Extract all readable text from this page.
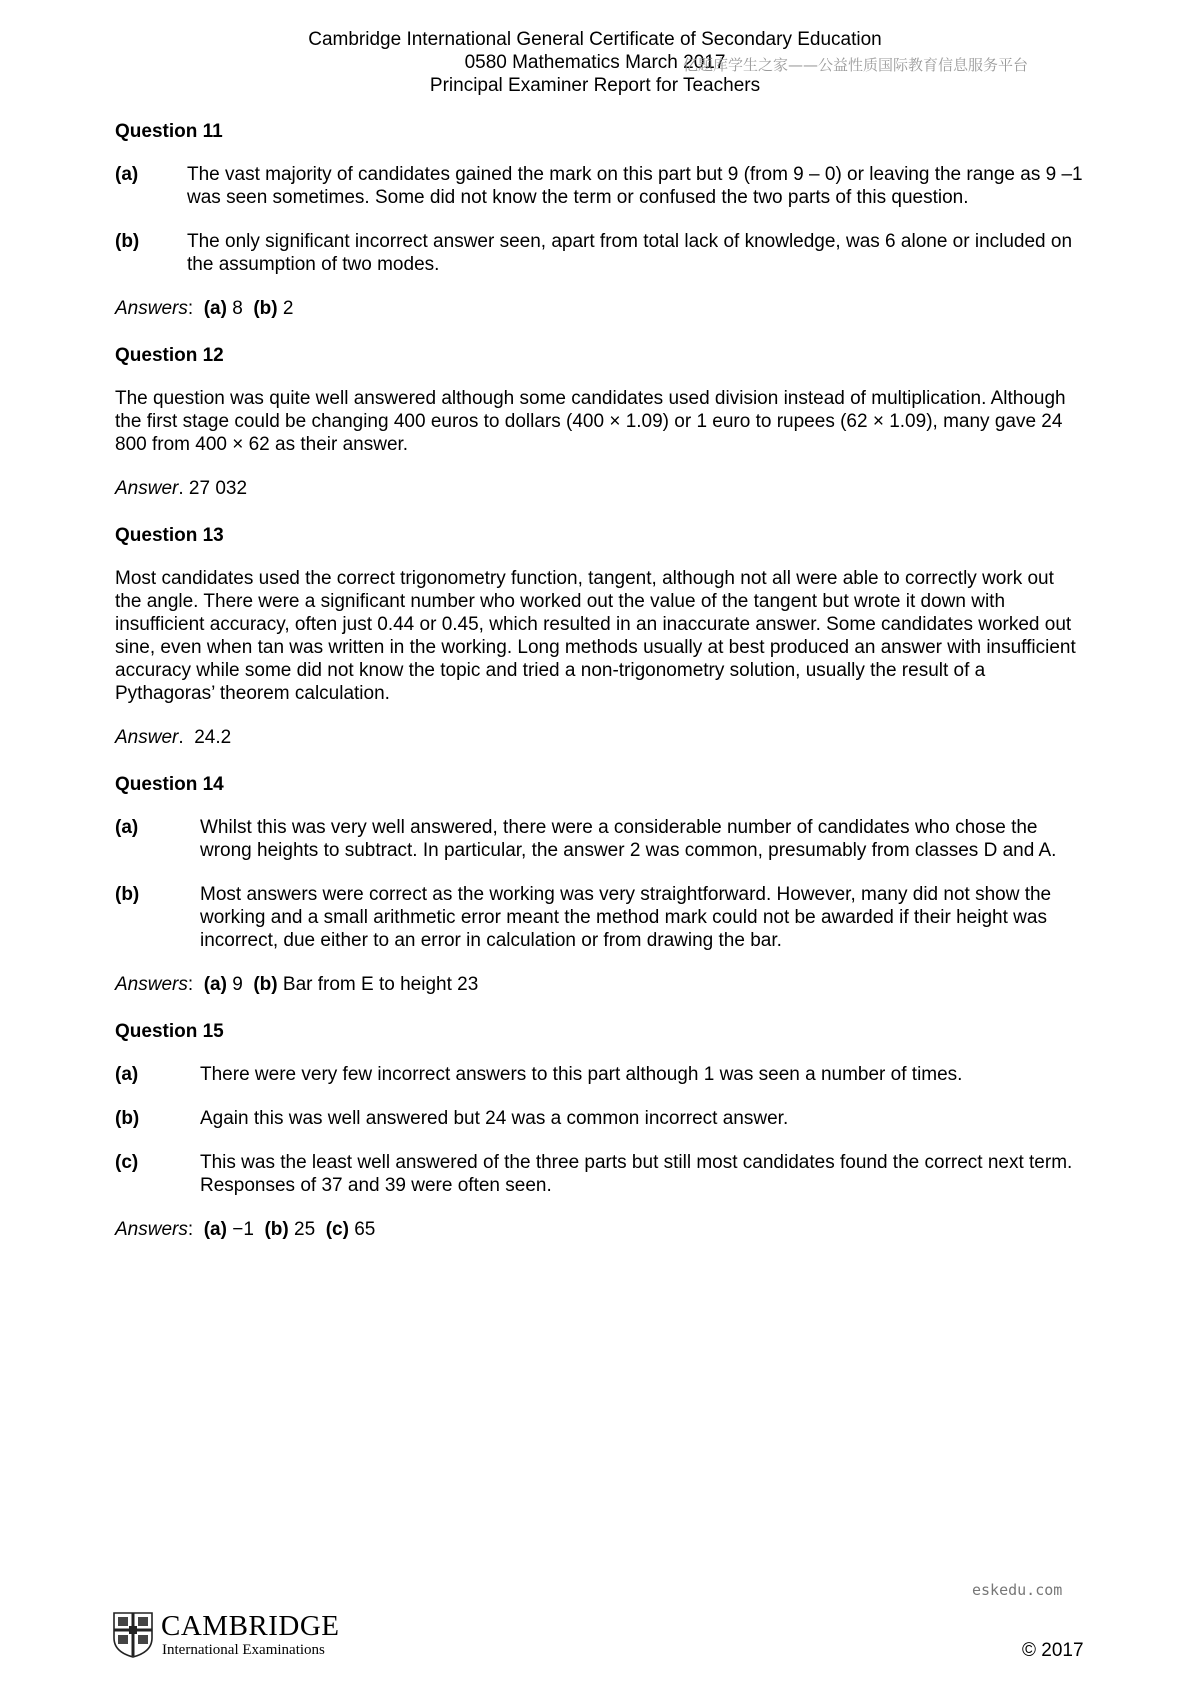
Cambridge International General Certificate of Secondary Education
0580 Mathematics March 2017
Principal Examiner Report for Teachers
亿题库学生之家——公益性质国际教育信息服务平台
Question 11
(a)	The vast majority of candidates gained the mark on this part but 9 (from 9 – 0) or leaving the range as 9 –1 was seen sometimes. Some did not know the term or confused the two parts of this question.
(b)	The only significant incorrect answer seen, apart from total lack of knowledge, was 6 alone or included on the assumption of two modes.
Answers:  (a) 8 (b) 2
Question 12
The question was quite well answered although some candidates used division instead of multiplication. Although the first stage could be changing 400 euros to dollars (400 × 1.09) or 1 euro to rupees (62 × 1.09), many gave 24 800 from 400 × 62 as their answer.
Answer. 27 032
Question 13
Most candidates used the correct trigonometry function, tangent, although not all were able to correctly work out the angle. There were a significant number who worked out the value of the tangent but wrote it down with insufficient accuracy, often just 0.44 or 0.45, which resulted in an inaccurate answer. Some candidates worked out sine, even when tan was written in the working. Long methods usually at best produced an answer with insufficient accuracy while some did not know the topic and tried a non-trigonometry solution, usually the result of a Pythagoras’ theorem calculation.
Answer.  24.2
Question 14
(a)	Whilst this was very well answered, there were a considerable number of candidates who chose the wrong heights to subtract. In particular, the answer 2 was common, presumably from classes D and A.
(b)	Most answers were correct as the working was very straightforward. However, many did not show the working and a small arithmetic error meant the method mark could not be awarded if their height was incorrect, due either to an error in calculation or from drawing the bar.
Answers:  (a) 9 (b) Bar from E to height 23
Question 15
(a)	There were very few incorrect answers to this part although 1 was seen a number of times.
(b)	Again this was well answered but 24 was a common incorrect answer.
(c)	This was the least well answered of the three parts but still most candidates found the correct next term. Responses of 37 and 39 were often seen.
Answers:  (a) −1 (b) 25 (c) 65
eskedu.com
CAMBRIDGE
International Examinations	© 2017
